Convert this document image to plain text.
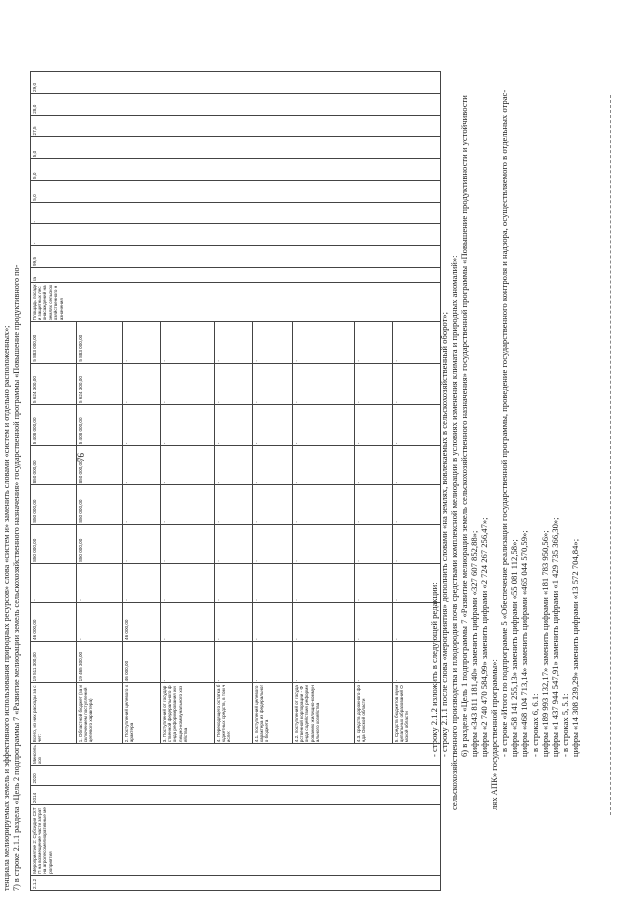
76
цифры «14 308 239,29» заменить цифрами «13 572 704,84»;
- в строках 5, 5.1:
цифры «1 437 944 547,91» заменить цифрами «1 429 735 366,30»;
цифры «189 993 132,17» заменить цифрами «181 783 950,56»;
- в строках 6, 6.1:
цифры «468 104 713,14» заменить цифрами «465 044 570,59»;
цифры «58 141 255,13» заменить цифрами «55 081 112,58»;
- в строке «Итого по подпрограмме 5 «Обеспечение реализации государственной программы, проведение государственного контроля и надзора, осуществляемого в отдельных отрас-
лях АПК» государственной программы»:
цифры «2 740 470 584,99» заменить цифрами «2 724 267 256,47»;
цифры «343 811 181,40» заменить цифрами «327 607 852,88»;
6) в разделе «Цель 1 подпрограммы 7 «Развитие мелиорации земель сельскохозяйственного назначения» государственной программы «Повышение продуктивности и устойчивости
сельскохозяйственного производства и плодородия почв средствами комплексной мелиорации в условиях изменения климата и природных аномалий»:
- строку 2.1.1 после слова «мероприятия» дополнить словами «на землях, вовлекаемых в сельскохозяйственный оборот»;
- строку 2.1.2 изложить в следующей редакции:
2.1.2	Мероприятие 2: Субсидия СХТП на возмещение части затрат на агролесомелиоративные мероприятия	2014	2020	Минсельхоз	Всего, из них расходы за счет:	19 511 300,00	46 000,00	-	850 000,00	850 000,00	850 000,00	5 408 000,00	5 624 300,00	5 883 000,00	Площадь посадки защитных лесонасаждений на землях сельскохозяйственного назначения	га	99,5	-	-	5,0	5,0	5,0	27,5	28,0	29,0
					1. Областной бюджет (за исключением поступлений целевого характера)	19 465 300,00	-	-	850 000,00	850 000,00	850 000,00	5 408 000,00	5 624 300,00	5 883 000,00											
					2. Поступлений целевого характера	46 000,00	46 000,00	-	-	-	-	-	-	-											
					3. Поступлений от государственной федерального фонда реформирования жилищно-коммунального хозяйства	-	-	-	-	-	-	-	-	-											
					4. Переходящего остатка бюджетных средств, в том числе:	-	-	-	-	-	-	-	-	-											
					4.1. поступлений целевого характера из федерального бюджета	-	-	-	-	-	-	-	-	-											
					4.2. поступлений от государственной корпорации - Фонда содействия реформированию жилищно-коммунального хозяйства	-	-	-	-	-	-	-	-	-											
					4.3. средств дорожного фонда Омской области	-	-	-	-	-	-	-	-	-											
					5. Средств бюджетов муниципальных образований Омской области	-	-	-	-	-	-	-	-	-											
7) в строке 2.1.1 раздела «Цель 2 подпрограммы 7 «Развитие мелиорации земель сельскохозяйственного назначения» государственной программы «Повышение продуктивного по-
тенциала мелиорируемых земель и эффективного использования природных ресурсов» слова «систем и» заменить словами «систем и отдельно расположенных»;
